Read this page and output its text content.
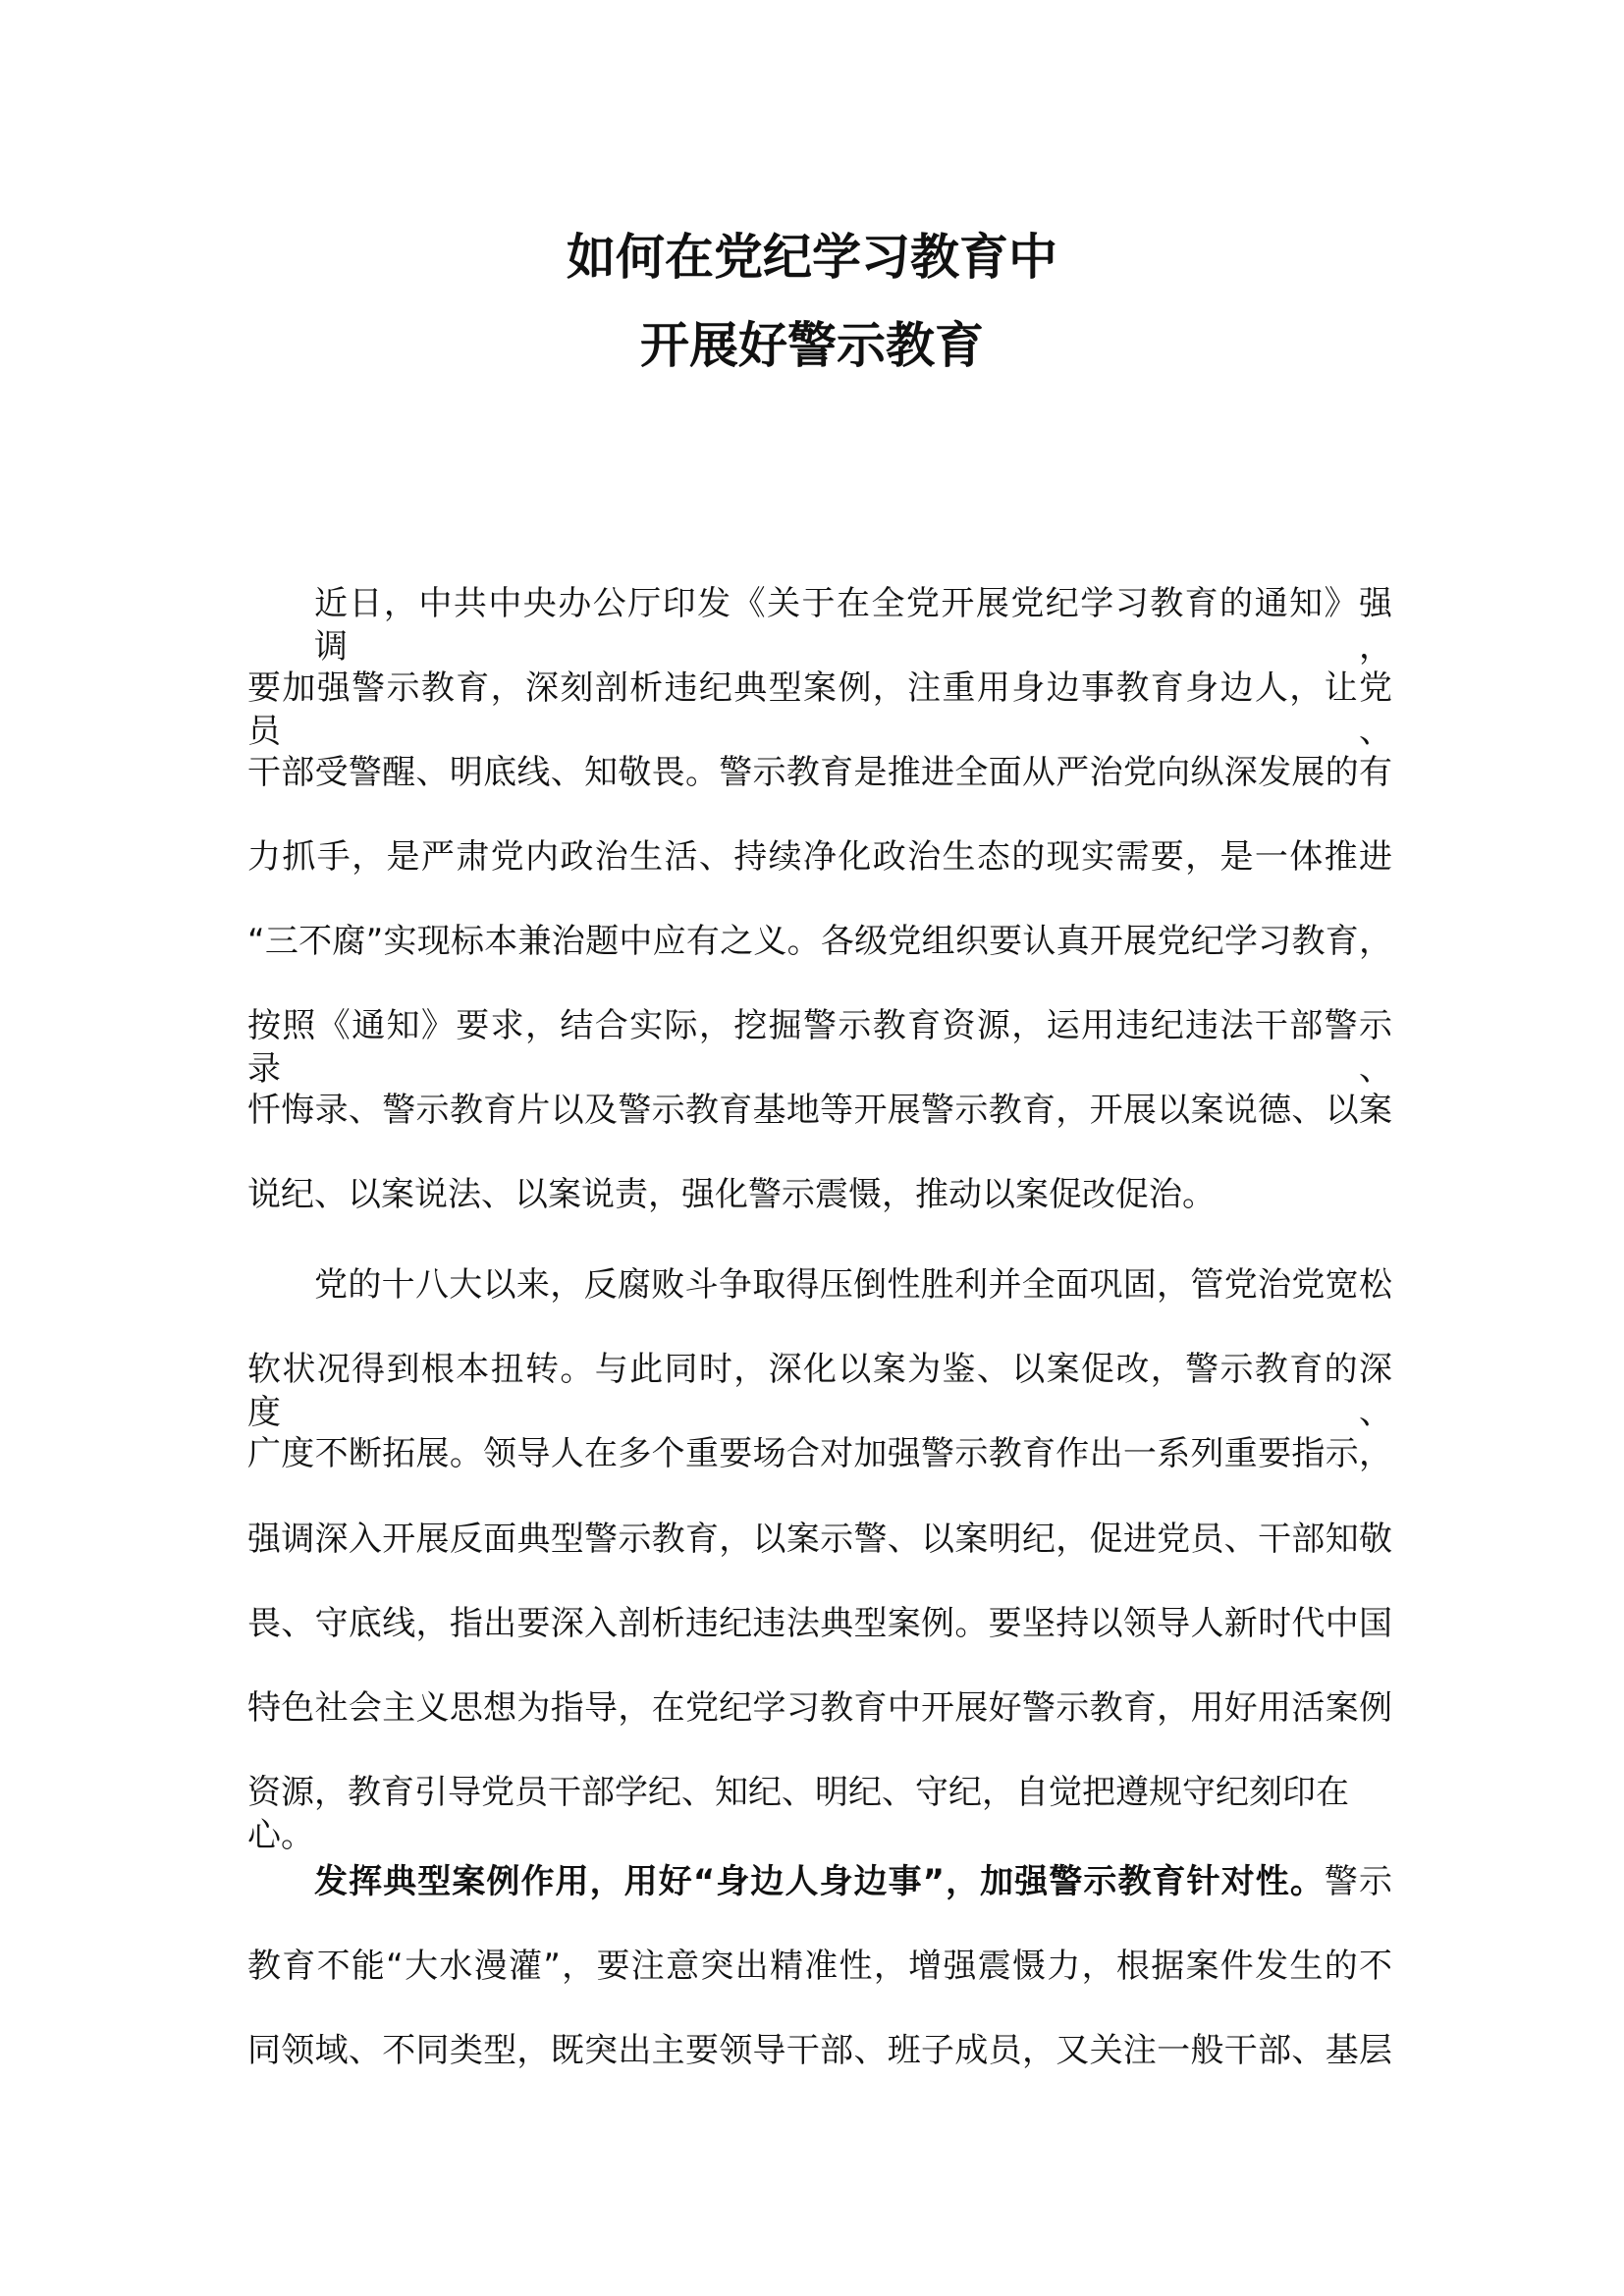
如何在党纪学习教育中
开展好警示教育
近日，中共中央办公厅印发《关于在全党开展党纪学习教育的通知》强调，
要加强警示教育，深刻剖析违纪典型案例，注重用身边事教育身边人，让党员、
干部受警醒、明底线、知敬畏。警示教育是推进全面从严治党向纵深发展的有
力抓手，是严肃党内政治生活、持续净化政治生态的现实需要，是一体推进
“三不腐”实现标本兼治题中应有之义。各级党组织要认真开展党纪学习教育，
按照《通知》要求，结合实际，挖掘警示教育资源，运用违纪违法干部警示录、
忏悔录、警示教育片以及警示教育基地等开展警示教育，开展以案说德、以案
说纪、以案说法、以案说责，强化警示震慑，推动以案促改促治。
党的十八大以来，反腐败斗争取得压倒性胜利并全面巩固，管党治党宽松
软状况得到根本扭转。与此同时，深化以案为鉴、以案促改，警示教育的深度、
广度不断拓展。领导人在多个重要场合对加强警示教育作出一系列重要指示，
强调深入开展反面典型警示教育，以案示警、以案明纪，促进党员、干部知敬
畏、守底线，指出要深入剖析违纪违法典型案例。要坚持以领导人新时代中国
特色社会主义思想为指导，在党纪学习教育中开展好警示教育，用好用活案例
资源，教育引导党员干部学纪、知纪、明纪、守纪，自觉把遵规守纪刻印在心。
发挥典型案例作用，用好“身边人身边事”，加强警示教育针对性。警示
教育不能“大水漫灌”，要注意突出精准性，增强震慑力，根据案件发生的不
同领域、不同类型，既突出主要领导干部、班子成员，又关注一般干部、基层
